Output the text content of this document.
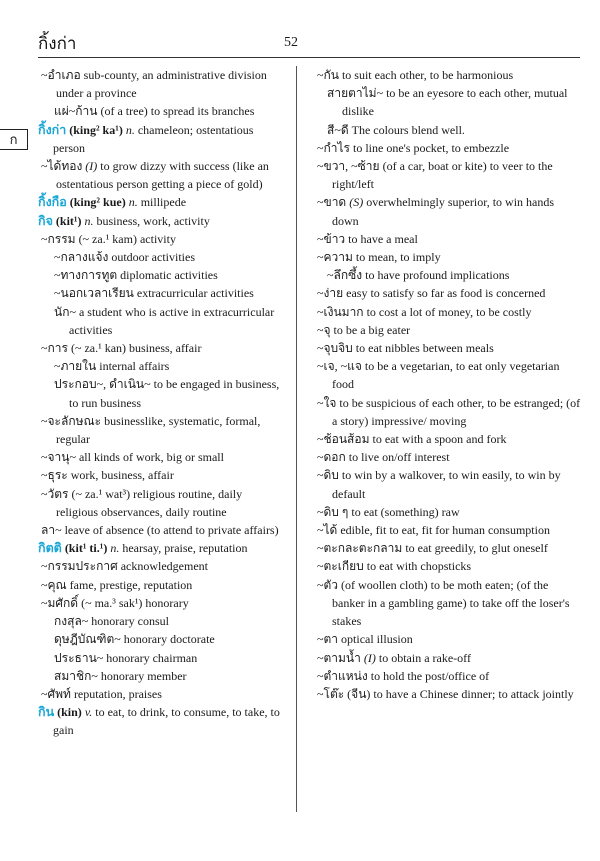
กิ้งก่า	52
ก
~อำเภอ sub-county, an administrative division under a province
แผ่~ก้าน (of a tree) to spread its branches
กิ้งก่า (king² ka¹) n. chameleon; ostentatious person
~ได้ทอง (I) to grow dizzy with success (like an ostentatious person getting a piece of gold)
กิ้งกือ (king² kue) n. millipede
กิจ (kit¹) n. business, work, activity
~กรรม (~ za.¹ kam) activity
~กลางแจ้ง outdoor activities
~ทางการทูต diplomatic activities
~นอกเวลาเรียน extracurricular activities
นัก~ a student who is active in extracurricular activities
~การ (~ za.¹ kan) business, affair
~ภายใน internal affairs
ประกอบ~, ดำเนิน~ to be engaged in business, to run business
~จะลักษณะ businesslike, systematic, formal, regular
~จานุ~ all kinds of work, big or small
~ธุระ work, business, affair
~วัตร (~ za.¹ wat³) religious routine, daily religious observances, daily routine
ลา~ leave of absence (to attend to private affairs)
กิตติ (kit¹ ti.¹) n. hearsay, praise, reputation
~กรรมประกาศ acknowledgement
~คุณ fame, prestige, reputation
~มศักดิ์ (~ ma.³ sak¹) honorary
กงสุล~ honorary consul
ดุษฎีบัณฑิต~ honorary doctorate
ประธาน~ honorary chairman
สมาชิก~ honorary member
~ศัพท์ reputation, praises
กิน (kin) v. to eat, to drink, to consume, to take, to gain
~กัน to suit each other, to be harmonious
สายตาไม่~ to be an eyesore to each other, mutual dislike
สี~ดี The colours blend well.
~กำไร to line one's pocket, to embezzle
~ขวา, ~ซ้าย (of a car, boat or kite) to veer to the right/left
~ขาด (S) overwhelmingly superior, to win hands down
~ข้าว to have a meal
~ความ to mean, to imply
~ลึกซึ้ง to have profound implications
~ง่าย easy to satisfy so far as food is concerned
~เงินมาก to cost a lot of money, to be costly
~จุ to be a big eater
~จุบจิบ to eat nibbles between meals
~เจ, ~แจ to be a vegetarian, to eat only vegetarian food
~ใจ to be suspicious of each other, to be estranged; (of a story) impressive/ moving
~ช้อนส้อม to eat with a spoon and fork
~ดอก to live on/off interest
~ดิบ to win by a walkover, to win easily, to win by default
~ดิบ ๆ to eat (something) raw
~ได้ edible, fit to eat, fit for human consumption
~ตะกละตะกลาม to eat greedily, to glut oneself
~ตะเกียบ to eat with chopsticks
~ตัว (of woollen cloth) to be moth eaten; (of the banker in a gambling game) to take off the loser's stakes
~ตา optical illusion
~ตามน้ำ (I) to obtain a rake-off
~ตำแหน่ง to hold the post/office of
~โต๊ะ (จีน) to have a Chinese dinner; to attack jointly
